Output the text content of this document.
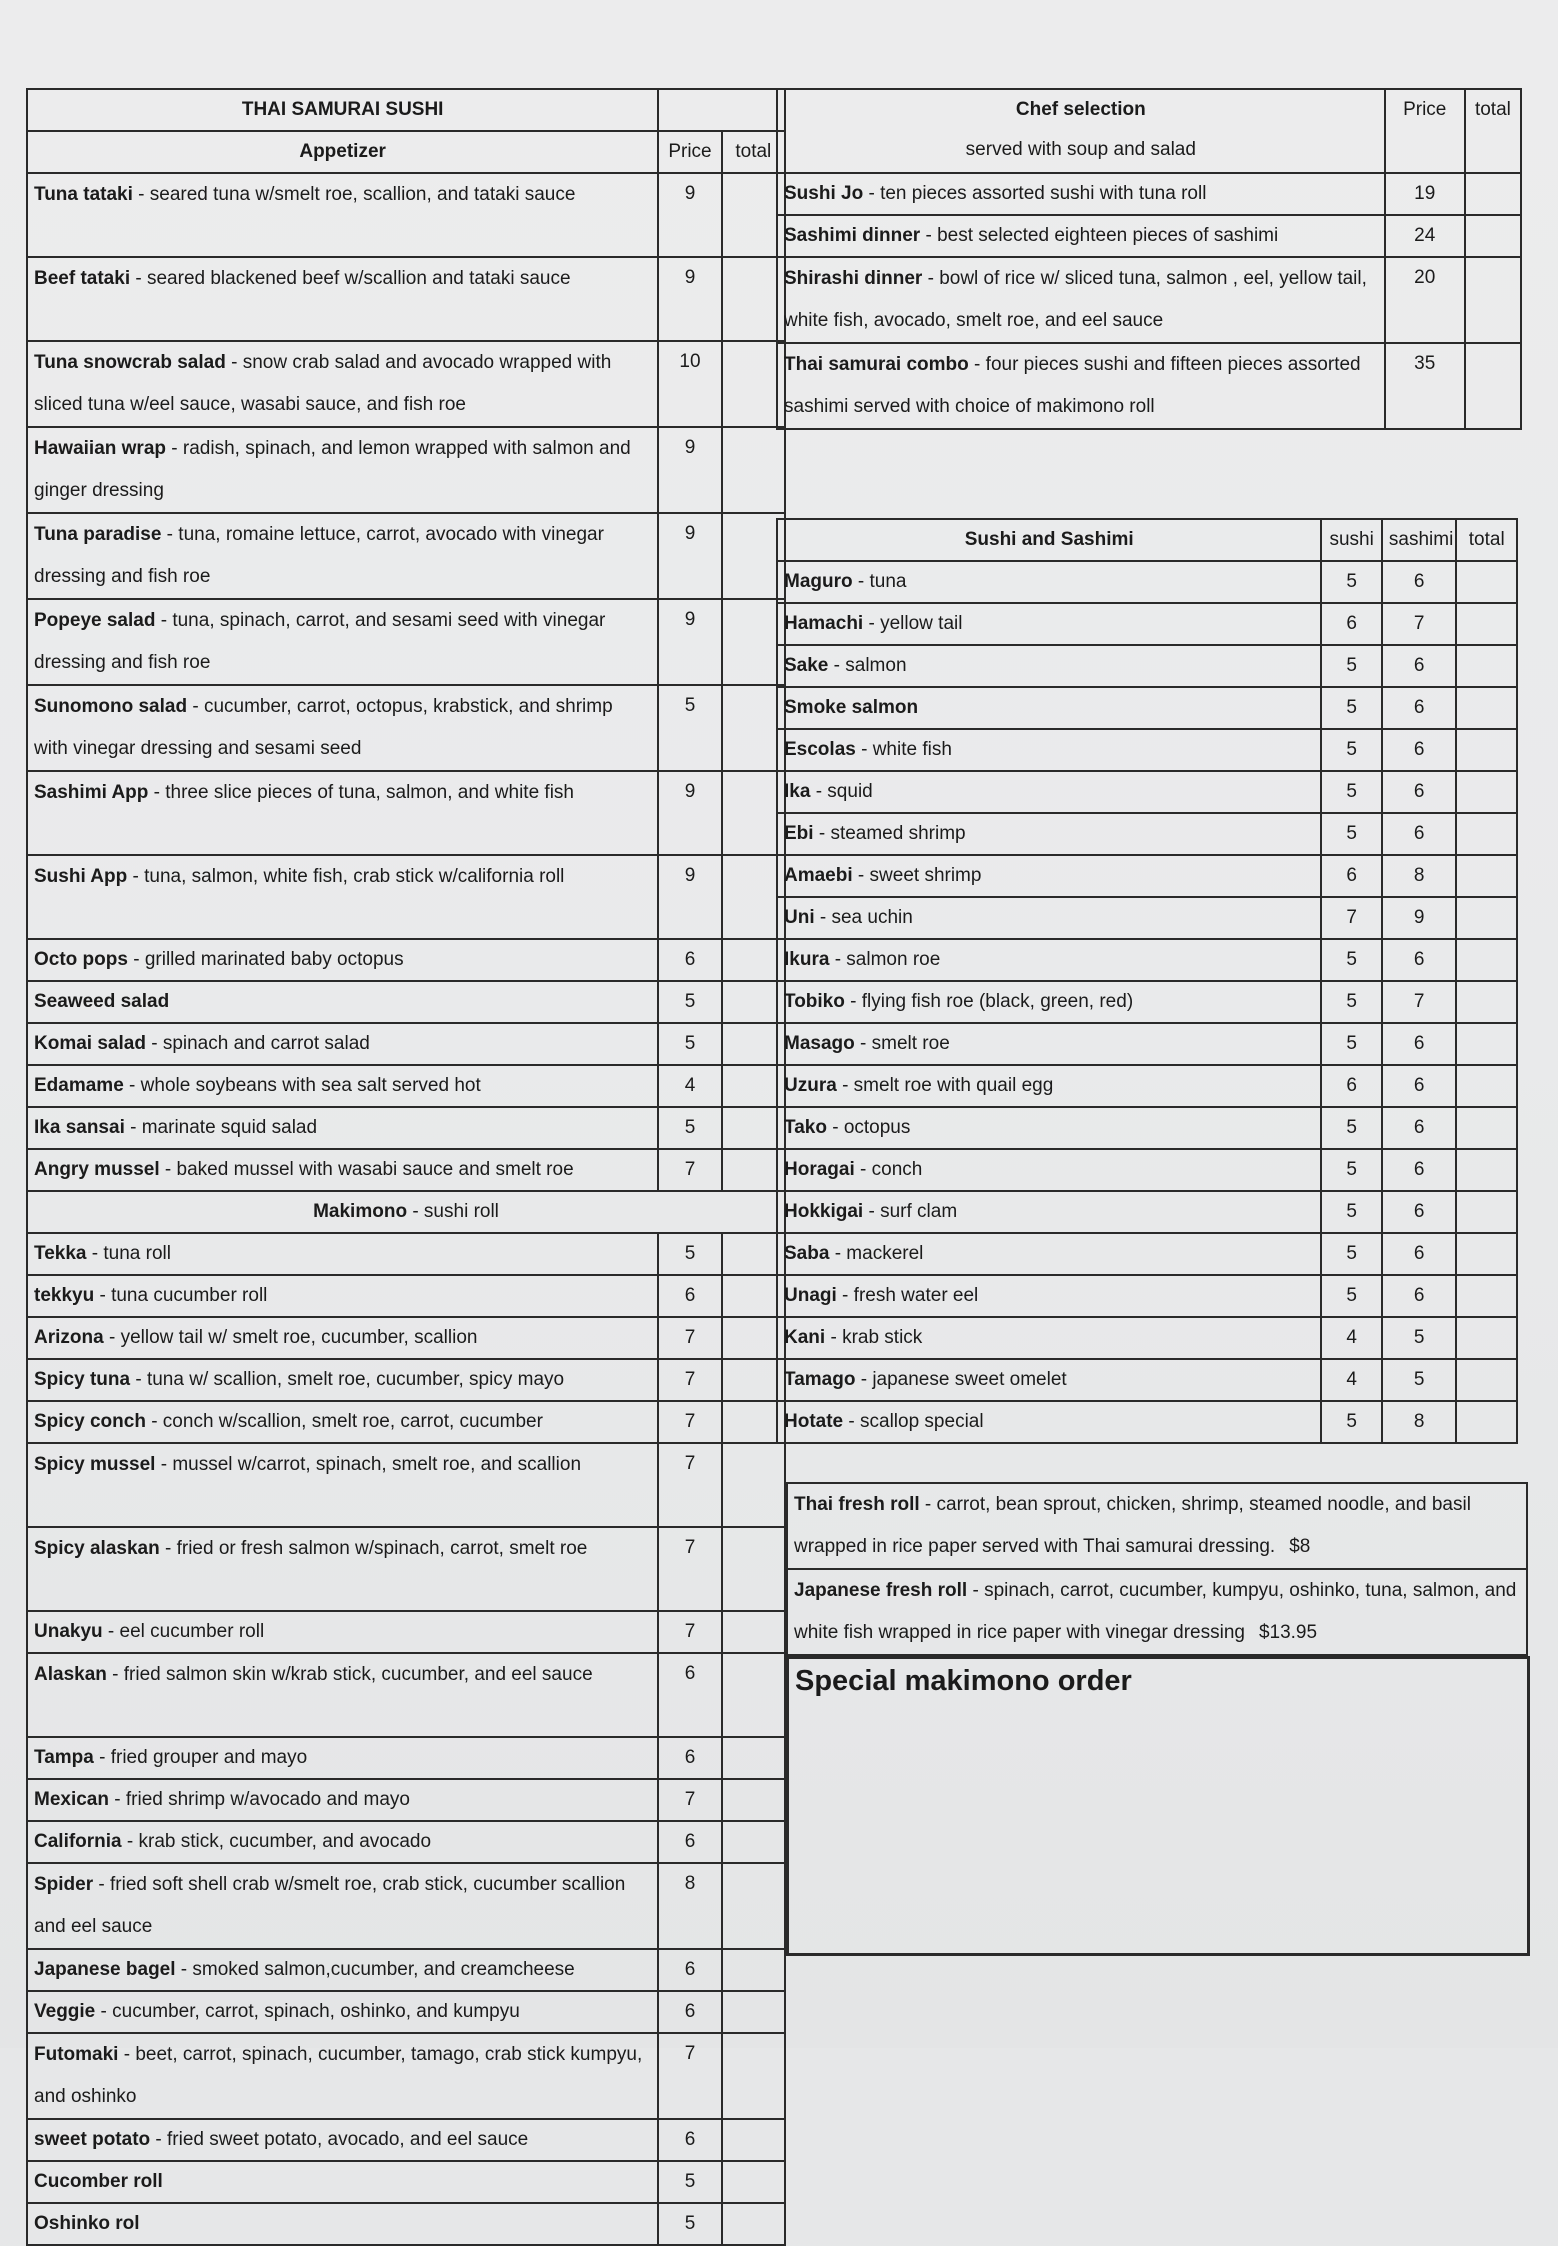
THAI SAMURAI SUSHI		
Appetizer	Price	total
Tuna tataki - seared tuna w/smelt roe, scallion, and tataki sauce	9	
Beef tataki - seared blackened beef w/scallion and tataki sauce	9	
Tuna snowcrab salad - snow crab salad and avocado wrapped with sliced tuna w/eel sauce, wasabi sauce, and fish roe	10	
Hawaiian wrap - radish, spinach, and lemon wrapped with salmon and ginger dressing	9	
Tuna paradise - tuna, romaine lettuce, carrot, avocado with vinegar dressing and fish roe	9	
Popeye salad - tuna, spinach, carrot, and sesami seed with vinegar dressing and fish roe	9	
Sunomono salad - cucumber, carrot, octopus, krabstick, and shrimp with vinegar dressing and sesami seed	5	
Sashimi App - three slice pieces of tuna, salmon, and white fish	9	
Sushi App - tuna, salmon, white fish, crab stick w/california roll	9	
Octo pops - grilled marinated baby octopus	6	
Seaweed salad	5	
Komai salad - spinach and carrot salad	5	
Edamame - whole soybeans with sea salt served hot	4	
Ika sansai - marinate squid salad	5	
Angry mussel - baked mussel with wasabi sauce and smelt roe	7	
Makimono - sushi roll		
Tekka - tuna roll	5	
tekkyu - tuna cucumber roll	6	
Arizona - yellow tail w/ smelt roe, cucumber, scallion	7	
Spicy tuna - tuna w/ scallion, smelt roe, cucumber, spicy mayo	7	
Spicy conch - conch w/scallion, smelt roe, carrot, cucumber	7	
Spicy mussel - mussel w/carrot, spinach, smelt roe, and scallion	7	
Spicy alaskan - fried or fresh salmon w/spinach, carrot, smelt roe	7	
Unakyu - eel cucumber roll	7	
Alaskan - fried salmon skin w/krab stick, cucumber, and eel sauce	6	
Tampa - fried grouper and mayo	6	
Mexican - fried shrimp w/avocado and mayo	7	
California - krab stick, cucumber, and avocado	6	
Spider - fried soft shell crab w/smelt roe, crab stick, cucumber scallion and eel sauce	8	
Japanese bagel - smoked salmon,cucumber, and creamcheese	6	
Veggie - cucumber, carrot, spinach, oshinko, and kumpyu	6	
Futomaki - beet, carrot, spinach, cucumber, tamago, crab stick kumpyu, and oshinko	7	
sweet potato - fried sweet potato, avocado, and eel sauce	6	
Cucomber roll	5	
Oshinko rol	5	
Chef selection
served with soup and salad	Price	total
Sushi Jo - ten pieces assorted sushi with tuna roll	19	
Sashimi dinner - best selected eighteen pieces of sashimi	24	
Shirashi dinner - bowl of rice w/ sliced tuna, salmon , eel, yellow tail, white fish, avocado, smelt roe, and eel sauce	20	
Thai samurai combo - four pieces sushi and fifteen pieces assorted sashimi served with choice of makimono roll	35	
Sushi and Sashimi	sushi	sashimi	total
Maguro - tuna	5	6	
Hamachi - yellow tail	6	7	
Sake - salmon	5	6	
Smoke salmon	5	6	
Escolas - white fish	5	6	
Ika - squid	5	6	
Ebi - steamed shrimp	5	6	
Amaebi - sweet shrimp	6	8	
Uni - sea uchin	7	9	
Ikura - salmon roe	5	6	
Tobiko - flying fish roe (black, green, red)	5	7	
Masago - smelt roe	5	6	
Uzura - smelt roe with quail egg	6	6	
Tako - octopus	5	6	
Horagai - conch	5	6	
Hokkigai - surf clam	5	6	
Saba - mackerel	5	6	
Unagi - fresh water eel	5	6	
Kani - krab stick	4	5	
Tamago - japanese sweet omelet	4	5	
Hotate - scallop special	5	8	
Thai fresh roll - carrot, bean sprout, chicken, shrimp, steamed noodle, and basil wrapped in rice paper served with Thai samurai dressing. $8
Japanese fresh roll - spinach, carrot, cucumber, kumpyu, oshinko, tuna, salmon, and white fish wrapped in rice paper with vinegar dressing $13.95
Special makimono order
